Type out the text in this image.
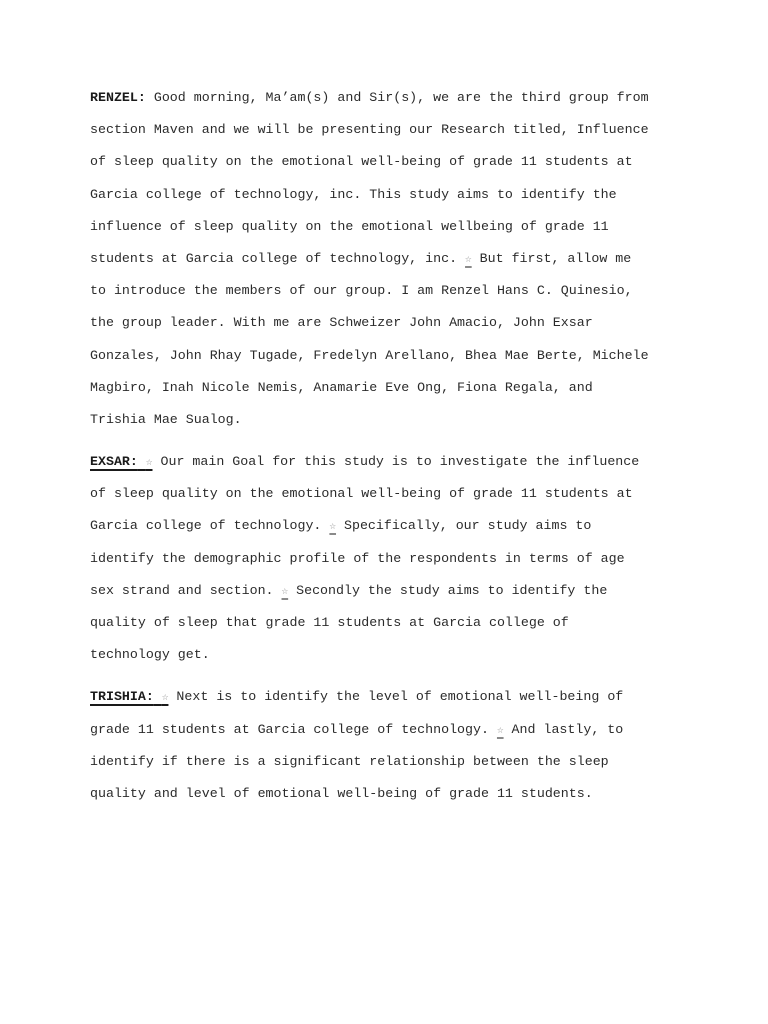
RENZEL: Good morning, Ma’am(s) and Sir(s), we are the third group from
section Maven and we will be presenting our Research titled, Influence
of sleep quality on the emotional well-being of grade 11 students at
Garcia college of technology, inc. This study aims to identify the
influence of sleep quality on the emotional wellbeing of grade 11
students at Garcia college of technology, inc. ☆ But first, allow me
to introduce the members of our group. I am Renzel Hans C. Quinesio,
the group leader. With me are Schweizer John Amacio, John Exsar
Gonzales, John Rhay Tugade, Fredelyn Arellano, Bhea Mae Berte, Michele
Magbiro, Inah Nicole Nemis, Anamarie Eve Ong, Fiona Regala, and
Trishia Mae Sualog.
EXSAR: ☆ Our main Goal for this study is to investigate the influence
of sleep quality on the emotional well-being of grade 11 students at
Garcia college of technology. ☆ Specifically, our study aims to
identify the demographic profile of the respondents in terms of age
sex strand and section. ☆ Secondly the study aims to identify the
quality of sleep that grade 11 students at Garcia college of
technology get.
TRISHIA: ☆ Next is to identify the level of emotional well-being of
grade 11 students at Garcia college of technology. ☆ And lastly, to
identify if there is a significant relationship between the sleep
quality and level of emotional well-being of grade 11 students.
